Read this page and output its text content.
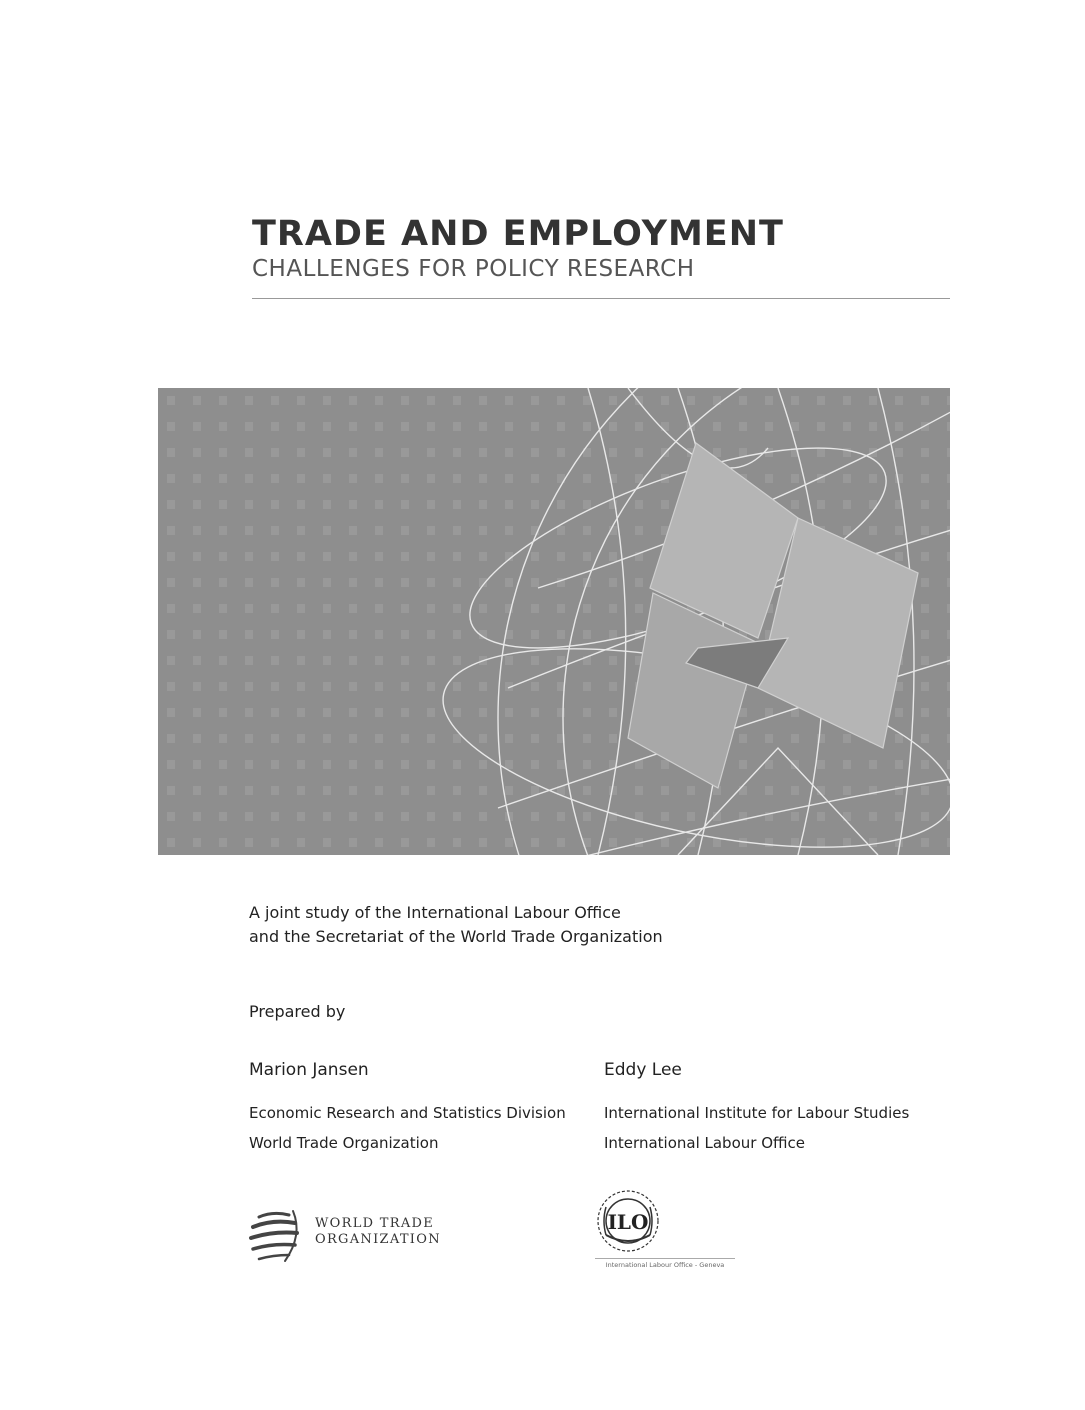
TRADE AND EMPLOYMENT
CHALLENGES FOR POLICY RESEARCH
A joint study of the International Labour Office
and the Secretariat of the World Trade Organization
Prepared by
Marion Jansen
Economic Research and Statistics Division
World Trade Organization
Eddy Lee
International Institute for Labour Studies
International Labour Office
WORLD TRADE
ORGANIZATION
ILO
International Labour Office - Geneva
